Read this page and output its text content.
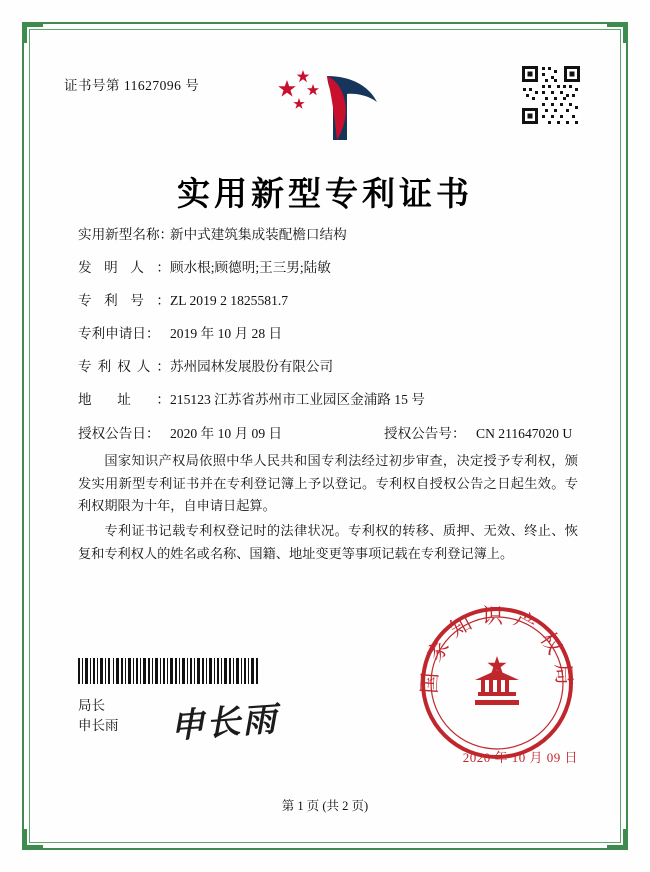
证书号第 11627096 号
实用新型专利证书
实用新型名称：
新中式建筑集成装配檐口结构
发 明 人 ： 顾水根;顾德明;王三男;陆敏
专 利 号 ： ZL 2019 2 1825581.7
专利申请日： 2019 年 10 月 28 日
专 利 权 人 ： 苏州园林发展股份有限公司
地 址 ： 215123 江苏省苏州市工业园区金浦路 15 号
授权公告日： 2020 年 10 月 09 日	授权公告号： CN 211647020 U

国家知识产权局依照中华人民共和国专利法经过初步审查，决定授予专利权，颁发实用新型专利证书并在专利登记簿上予以登记。专利权自授权公告之日起生效。专利权期限为十年，自申请日起算。

专利证书记载专利权登记时的法律状况。专利权的转移、质押、无效、终止、恢复和专利权人的姓名或名称、国籍、地址变更等事项记载在专利登记簿上。

局长
申长雨 申长雨
国家知识产权局
2020 年 10 月 09 日
第 1 页 (共 2 页)
